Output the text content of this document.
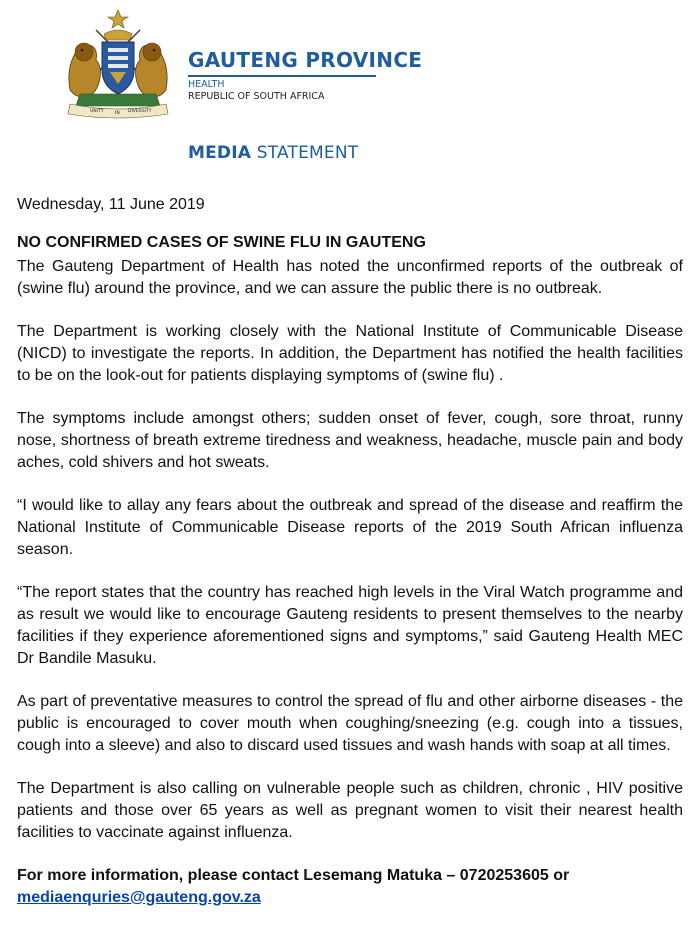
UNITY	IN DIVERSITY
GAUTENG PROVINCE
HEALTH
REPUBLIC OF SOUTH AFRICA
MEDIA STATEMENT
Wednesday, 11 June 2019
NO CONFIRMED CASES OF SWINE FLU IN GAUTENG

The Gauteng Department of Health has noted the unconfirmed reports of the outbreak of (swine flu) around the province, and we can assure the public there is no outbreak.

The Department is working closely with the National Institute of Communicable Disease (NICD) to investigate the reports. In addition, the Department has notified the health facilities to be on the look-out for patients displaying symptoms of (swine flu) .

The symptoms include amongst others; sudden onset of fever, cough, sore throat, runny nose, shortness of breath extreme tiredness and weakness, headache, muscle pain and body aches, cold shivers and hot sweats.

“I would like to allay any fears about the outbreak and spread of the disease and reaffirm the National Institute of Communicable Disease reports of the 2019 South African influenza season.

“The report states that the country has reached high levels in the Viral Watch programme and as result we would like to encourage Gauteng residents to present themselves to the nearby facilities if they experience aforementioned signs and symptoms,” said Gauteng Health MEC Dr Bandile Masuku.

As part of preventative measures to control the spread of flu and other airborne diseases - the public is encouraged to cover mouth when coughing/sneezing (e.g. cough into a tissues, cough into a sleeve) and also to discard used tissues and wash hands with soap at all times.

The Department is also calling on vulnerable people such as children, chronic , HIV positive patients and those over 65 years as well as pregnant women to visit their nearest health facilities to vaccinate against influenza.

For more information, please contact Lesemang Matuka – 0720253605 or
mediaenquries@gauteng.gov.za
